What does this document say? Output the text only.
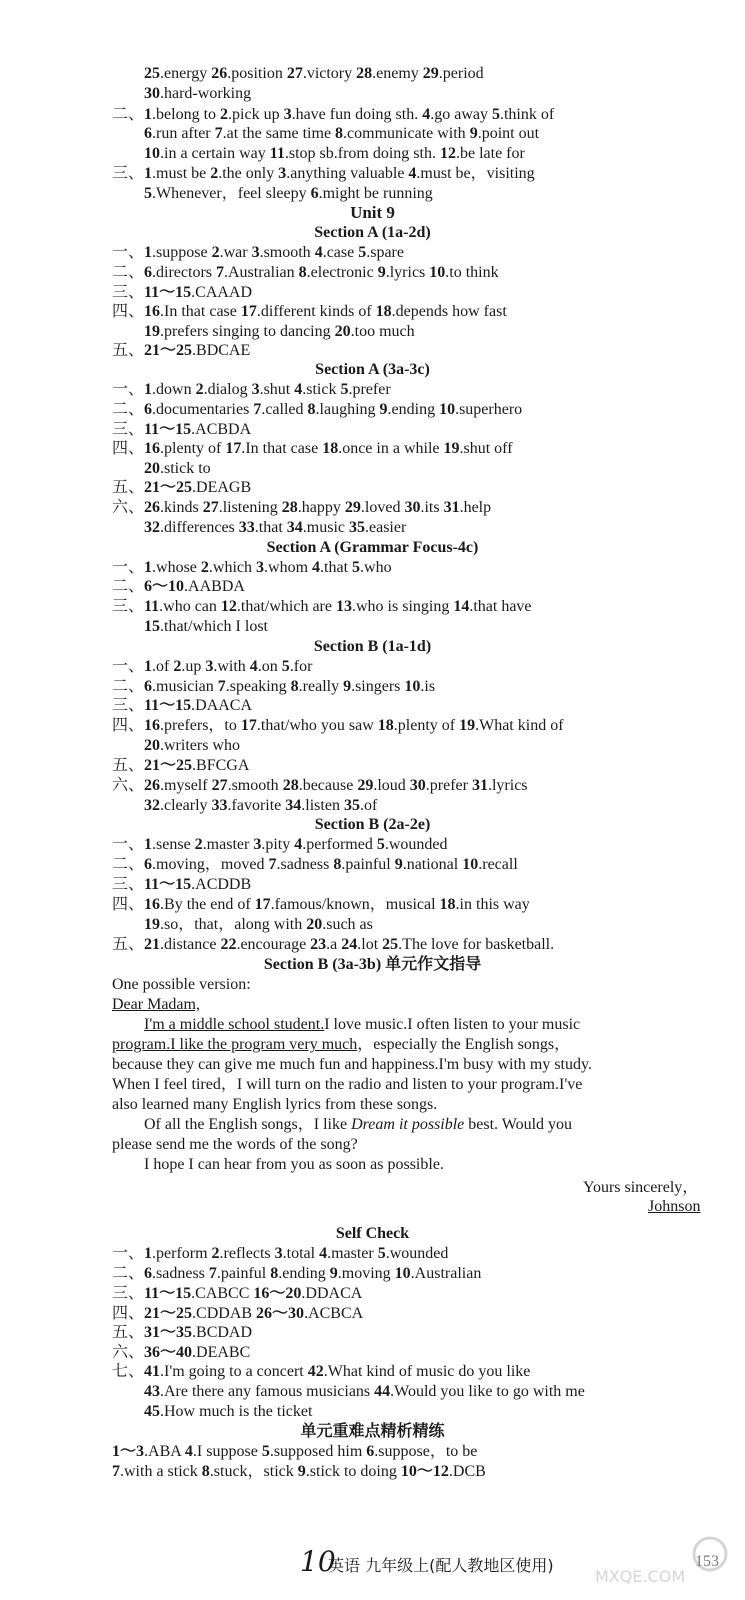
25.energy 26.position 27.victory 28.enemy 29.period
30.hard-working
二、1.belong to 2.pick up 3.have fun doing sth. 4.go away 5.think of
6.run after 7.at the same time 8.communicate with 9.point out
10.in a certain way 11.stop sb.from doing sth. 12.be late for
三、1.must be 2.the only 3.anything valuable 4.must be，visiting
5.Whenever，feel sleepy 6.might be running
Unit 9
Section A (1a-2d)
一、1.suppose 2.war 3.smooth 4.case 5.spare
二、6.directors 7.Australian 8.electronic 9.lyrics 10.to think
三、11～15.CAAAD
四、16.In that case 17.different kinds of 18.depends how fast
19.prefers singing to dancing 20.too much
五、21～25.BDCAE
Section A (3a-3c)
一、1.down 2.dialog 3.shut 4.stick 5.prefer
二、6.documentaries 7.called 8.laughing 9.ending 10.superhero
三、11～15.ACBDA
四、16.plenty of 17.In that case 18.once in a while 19.shut off
20.stick to
五、21～25.DEAGB
六、26.kinds 27.listening 28.happy 29.loved 30.its 31.help
32.differences 33.that 34.music 35.easier
Section A (Grammar Focus-4c)
一、1.whose 2.which 3.whom 4.that 5.who
二、6～10.AABDA
三、11.who can 12.that/which are 13.who is singing 14.that have
15.that/which I lost
Section B (1a-1d)
一、1.of 2.up 3.with 4.on 5.for
二、6.musician 7.speaking 8.really 9.singers 10.is
三、11～15.DAACA
四、16.prefers，to 17.that/who you saw 18.plenty of 19.What kind of
20.writers who
五、21～25.BFCGA
六、26.myself 27.smooth 28.because 29.loud 30.prefer 31.lyrics
32.clearly 33.favorite 34.listen 35.of
Section B (2a-2e)
一、1.sense 2.master 3.pity 4.performed 5.wounded
二、6.moving，moved 7.sadness 8.painful 9.national 10.recall
三、11～15.ACDDB
四、16.By the end of 17.famous/known，musical 18.in this way
19.so，that，along with 20.such as
五、21.distance 22.encourage 23.a 24.lot 25.The love for basketball.
Section B (3a-3b) 单元作文指导
One possible version:
Dear Madam,
I'm a middle school student.I love music.I often listen to your music
program.I like the program very much，especially the English songs，
because they can give me much fun and happiness.I'm busy with my study.
When I feel tired，I will turn on the radio and listen to your program.I've
also learned many English lyrics from these songs.
Of all the English songs，I like Dream it possible best. Would you
please send me the words of the song?
I hope I can hear from you as soon as possible.
Yours sincerely，
Johnson
Self Check
一、1.perform 2.reflects 3.total 4.master 5.wounded
二、6.sadness 7.painful 8.ending 9.moving 10.Australian
三、11～15.CABCC 16～20.DDACA
四、21～25.CDDAB 26～30.ACBCA
五、31～35.BCDAD
六、36～40.DEABC
七、41.I'm going to a concert 42.What kind of music do you like
43.Are there any famous musicians 44.Would you like to go with me
45.How much is the ticket
单元重难点精析精练
1～3.ABA 4.I suppose 5.supposed him 6.suppose，to be
7.with a stick 8.stuck，stick 9.stick to doing 10～12.DCB
10
英语 九年级上(配人教地区使用)	153
MXQE.COM
